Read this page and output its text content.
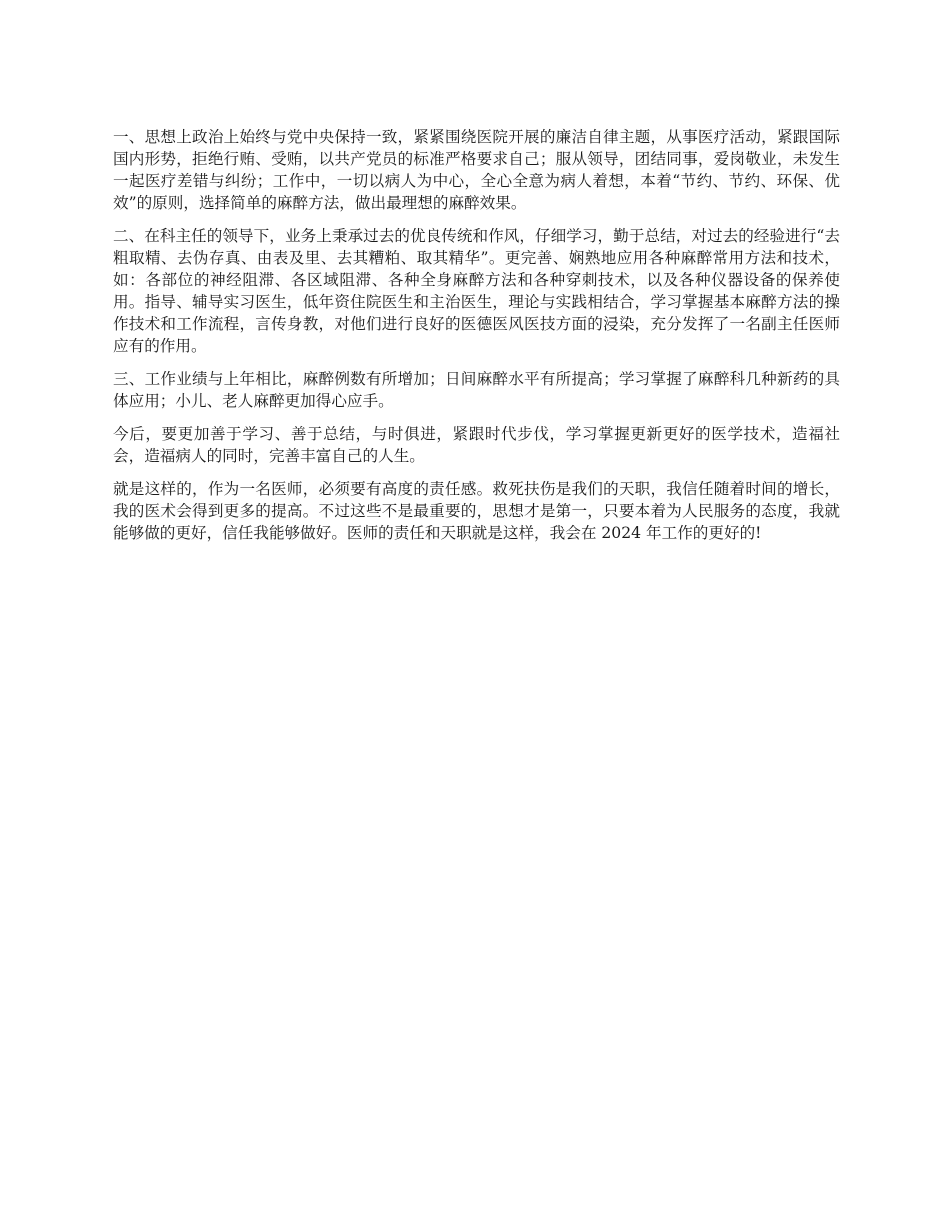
一、思想上政治上始终与党中央保持一致，紧紧围绕医院开展的廉洁自律主题，从事医疗活动，紧跟国际国内形势，拒绝行贿、受贿，以共产党员的标准严格要求自己；服从领导，团结同事，爱岗敬业，未发生一起医疗差错与纠纷；工作中，一切以病人为中心，全心全意为病人着想，本着“节约、节约、环保、优效”的原则，选择简单的麻醉方法，做出最理想的麻醉效果。

二、在科主任的领导下，业务上秉承过去的优良传统和作风，仔细学习，勤于总结，对过去的经验进行“去粗取精、去伪存真、由表及里、去其糟粕、取其精华”。更完善、娴熟地应用各种麻醉常用方法和技术，如：各部位的神经阻滞、各区域阻滞、各种全身麻醉方法和各种穿刺技术，以及各种仪器设备的保养使用。指导、辅导实习医生，低年资住院医生和主治医生，理论与实践相结合，学习掌握基本麻醉方法的操作技术和工作流程，言传身教，对他们进行良好的医德医风医技方面的浸染，充分发挥了一名副主任医师应有的作用。

三、工作业绩与上年相比，麻醉例数有所增加；日间麻醉水平有所提高；学习掌握了麻醉科几种新药的具体应用；小儿、老人麻醉更加得心应手。

今后，要更加善于学习、善于总结，与时俱进，紧跟时代步伐，学习掌握更新更好的医学技术，造福社会，造福病人的同时，完善丰富自己的人生。

就是这样的，作为一名医师，必须要有高度的责任感。救死扶伤是我们的天职，我信任随着时间的增长，我的医术会得到更多的提高。不过这些不是最重要的，思想才是第一，只要本着为人民服务的态度，我就能够做的更好，信任我能够做好。医师的责任和天职就是这样，我会在 2024 年工作的更好的!
